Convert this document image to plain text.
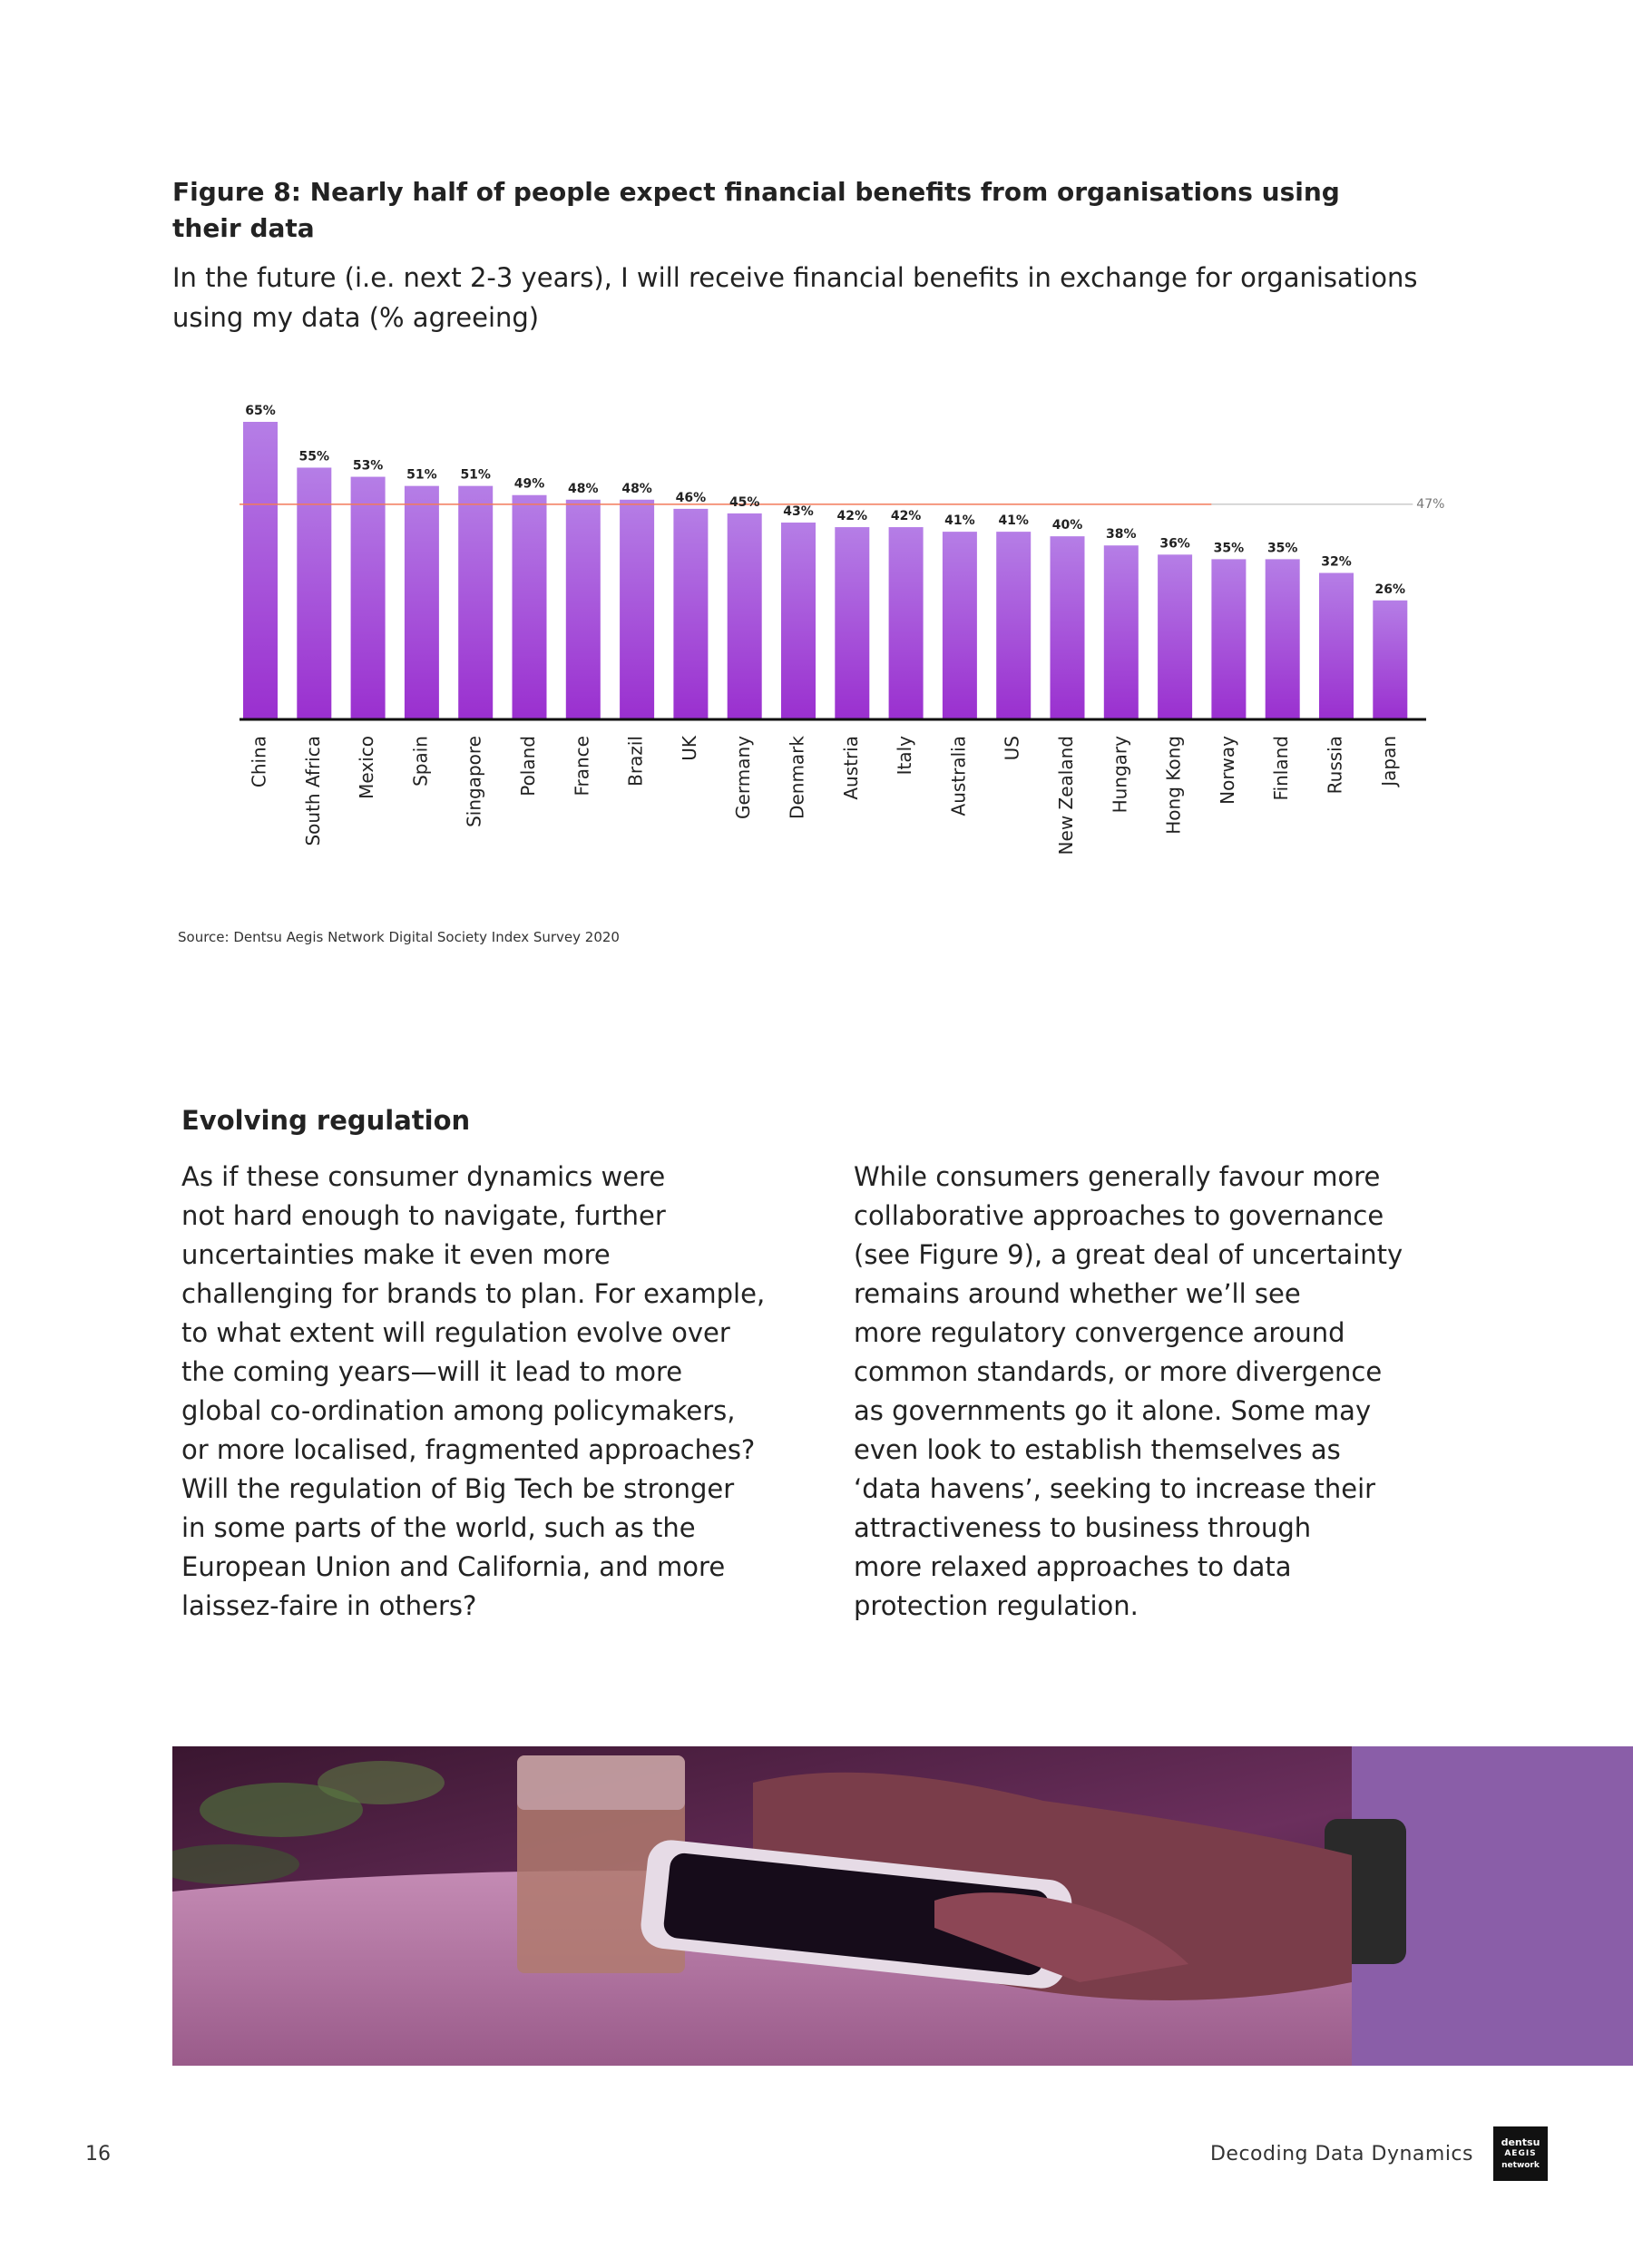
Figure 8: Nearly half of people expect financial benefits from organisations using
their data
In the future (i.e. next 2-3 years), I will receive financial benefits in exchange for organisations
using my data (% agreeing)
47%
65%
55%
53%
51% 51%
49% 48% 48%
46% 45%
43% 42% 42% 41% 41% 40%
38%
36% 35% 35%
32%
26%
China South Africa Mexico Spain Singapore Poland France Brazil UK Germany Denmark Austria Italy Australia US New Zealand Hungary Hong Kong Norway Finland Russia Japan
Source: Dentsu Aegis Network Digital Society Index Survey 2020
Evolving regulation
As if these consumer dynamics were
not hard enough to navigate, further
uncertainties make it even more
challenging for brands to plan. For example,
to what extent will regulation evolve over
the coming years—will it lead to more
global co-ordination among policymakers,
or more localised, fragmented approaches?
Will the regulation of Big Tech be stronger
in some parts of the world, such as the
European Union and California, and more
laissez-faire in others?
While consumers generally favour more
collaborative approaches to governance
(see Figure 9), a great deal of uncertainty
remains around whether we’ll see
more regulatory convergence around
common standards, or more divergence
as governments go it alone. Some may
even look to establish themselves as
‘data havens’, seeking to increase their
attractiveness to business through
more relaxed approaches to data
protection regulation.
16	Decoding Data Dynamics
dentsu
AEGIS
network
